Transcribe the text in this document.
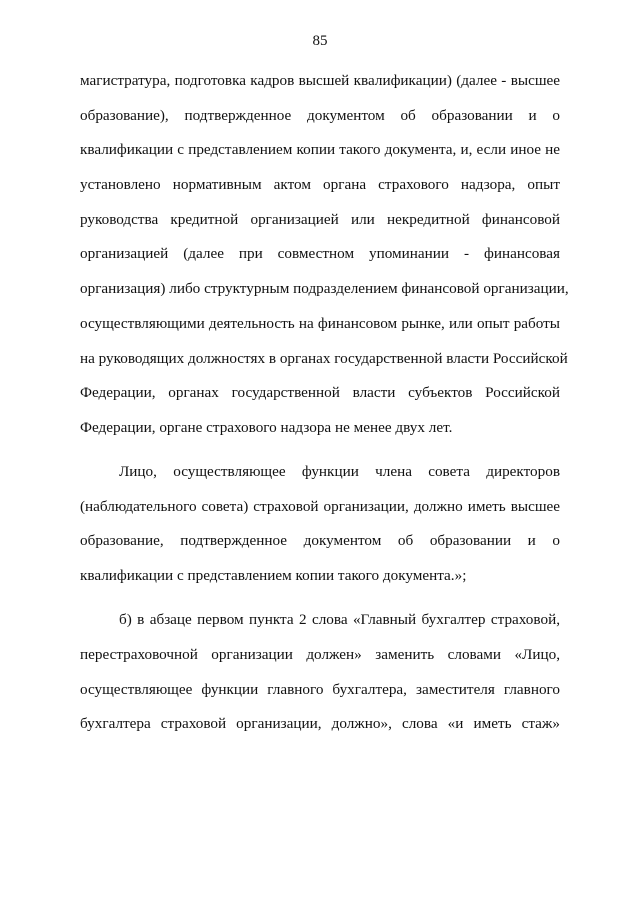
85
магистратура, подготовка кадров высшей квалификации) (далее - высшее
образование), подтвержденное документом об образовании и о
квалификации с представлением копии такого документа, и, если иное не
установлено нормативным актом органа страхового надзора, опыт
руководства кредитной организацией или некредитной финансовой
организацией (далее при совместном упоминании - финансовая
организация) либо структурным подразделением финансовой организации,
осуществляющими деятельность на финансовом рынке, или опыт работы
на руководящих должностях в органах государственной власти Российской
Федерации, органах государственной власти субъектов Российской
Федерации, органе страхового надзора не менее двух лет.
Лицо, осуществляющее функции члена совета директоров
(наблюдательного совета) страховой организации, должно иметь высшее
образование, подтвержденное документом об образовании и о
квалификации с представлением копии такого документа.»;
б) в абзаце первом пункта 2 слова «Главный бухгалтер страховой,
перестраховочной организации должен» заменить словами «Лицо,
осуществляющее функции главного бухгалтера, заместителя главного
бухгалтера страховой организации, должно», слова «и иметь стаж»
